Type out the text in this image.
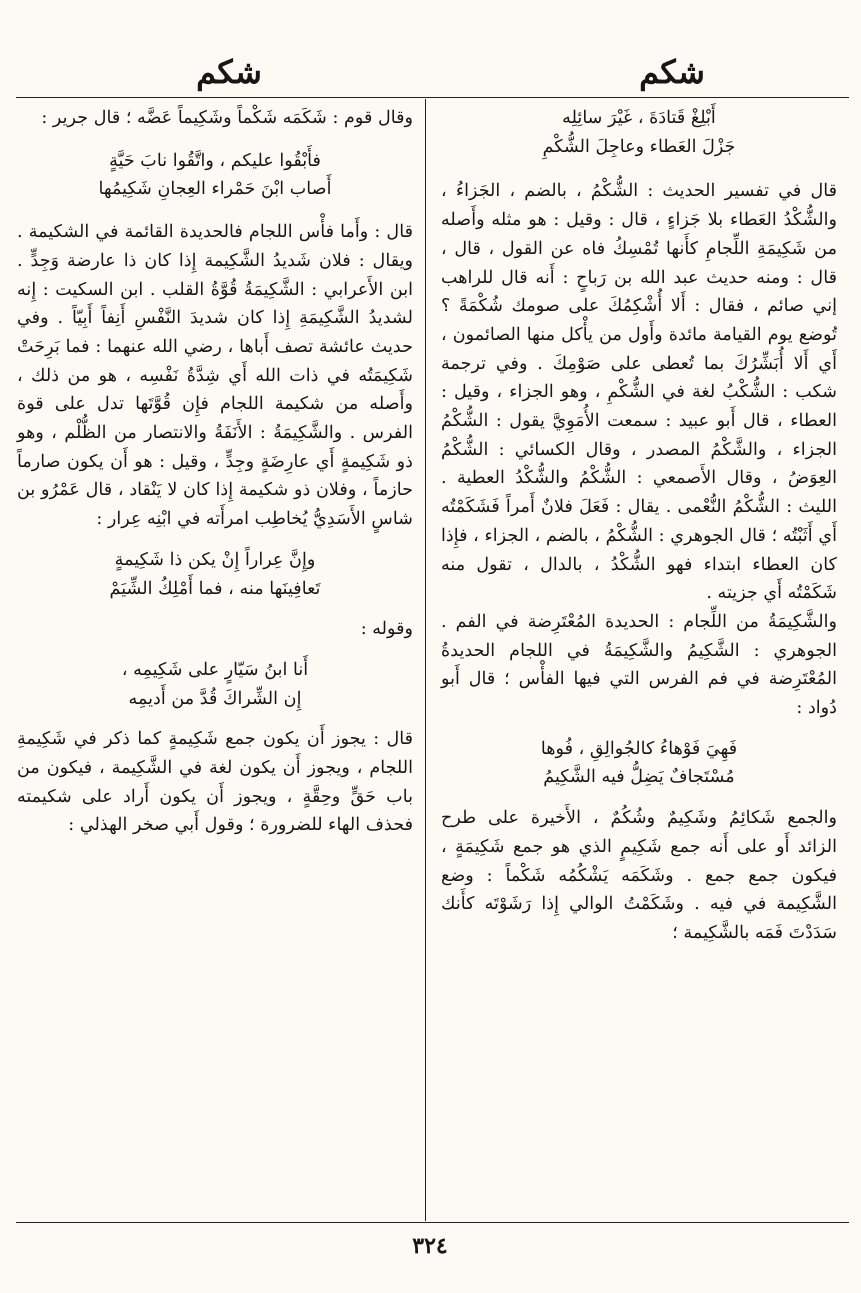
شكم
شكم
أَبْلِغْ قَتادَةَ ، غَيْرَ سائِلِه
جَزْلَ العَطاء وعاجِلَ الشُّكْمِ

قال في تفسير الحديث : الشُّكْمُ ، بالضم ، الجَزاءُ ، والشُّكْدُ العَطاء بلا جَزاءٍ ، قال : وقيل : هو مثله وأَصله من شَكِيمَةِ اللِّجامِ كأَنها تُمْسِكُ فاه عن القول ، قال ، قال : ومنه حديث عبد الله بن رَباحٍ : أَنه قال للراهب إني صائم ، فقال : أَلا أُشْكِمُكَ على صومك شُكْمَةً ؟ تُوضع يوم القيامة مائدة وأَول من يأْكل منها الصائمون ، أَي أَلا أُبَشِّرُكَ بما تُعطى على صَوْمِكَ . وفي ترجمة شكب : الشُّكْبُ لغة في الشُّكْمِ ، وهو الجزاء ، وقيل : العطاء ، قال أَبو عبيد : سمعت الأُمَوِيَّ يقول : الشُّكْمُ الجزاء ، والشَّكْمُ المصدر ، وقال الكسائي : الشُّكْمُ العِوَضُ ، وقال الأَصمعي : الشُّكْمُ والشُّكْدُ العطية . الليث : الشُّكْمُ النُّعْمى . يقال : فَعَلَ فلانٌ أَمراً فَشَكَمْتُه أَي أَثَبْتُه ؛ قال الجوهري : الشُّكْمُ ، بالضم ، الجزاء ، فإِذا كان العطاء ابتداء فهو الشُّكْدُ ، بالدال ، تقول منه شَكَمْتُه أَي جزيته .

والشَّكِيمَةُ من اللِّجام : الحديدة المُعْتَرِضة في الفم . الجوهري : الشَّكِيمُ والشَّكِيمَةُ في اللجام الحديدةُ المُعْتَرِضة في فم الفرس التي فيها الفأْس ؛ قال أَبو دُواد :

فَهِيَ فَوْهاءُ كالجُوالِقِ ، فُوها
مُسْتَجافٌ يَضِلُّ فيه الشَّكِيمُ

والجمع شَكائِمُ وشَكِيمٌ وشُكُمٌ ، الأَخيرة على طرح الزائد أَو على أَنه جمع شَكِيمٍ الذي هو جمع شَكِيمَةٍ ، فيكون جمع جمع . وشَكَمَه يَشْكُمُه شَكْماً : وضع الشَّكِيمة في فيه . وشَكَمْتُ الوالي إِذا رَشَوْتَه كأَنك سَدَدْتَ فَمَه بالشَّكِيمة ؛

وقال قوم : شَكَمَه شَكْماً وشَكِيماً عَضَّه ؛ قال جرير :

فأَبْقُوا عليكم ، واتَّقُوا نابَ حَيَّةٍ
أَصاب ابْنَ حَمْراء العِجانِ شَكِيمُها

قال : وأَما فأْس اللجام فالحديدة القائمة في الشكيمة . ويقال : فلان شَديدُ الشَّكِيمة إِذا كان ذا عارضة وَجِدٍّ . ابن الأَعرابي : الشَّكِيمَةُ قُوَّةُ القلب . ابن السكيت : إِنه لشديدُ الشَّكِيمَةِ إِذا كان شديدَ النَّفْسِ أَنِفاً أَبِيّاً . وفي حديث عائشة تصف أَباها ، رضي الله عنهما : فما بَرِحَتْ شَكِيمَتُه في ذات الله أَي شِدَّةُ نَفْسِه ، هو من ذلك ، وأَصله من شكيمة اللجام فإِن قُوَّتَها تدل على قوة الفرس . والشَّكِيمَةُ : الأَنَفَةُ والانتصار من الظُّلْم ، وهو ذو شَكِيمةٍ أَي عارِضَةٍ وجِدٍّ ، وقيل : هو أَن يكون صارماً حازماً ، وفلان ذو شكيمة إِذا كان لا يَنْقاد ، قال عَمْرُو بن شاسٍ الأَسَدِيُّ يُخاطِب امرأَته في ابْنِه عِرار :

وإِنَّ عِراراً إِنْ يكن ذا شَكِيمةٍ
تَعافِينَها منه ، فما أَمْلِكُ الشِّيَمْ

وقوله :

أَنا ابنُ سَيّارٍ على شَكِيمِه ،
إِن الشِّراكَ قُدَّ من أَديمِه

قال : يجوز أَن يكون جمع شَكِيمةٍ كما ذكر في شَكِيمةِ اللجام ، ويجوز أَن يكون لغة في الشَّكِيمة ، فيكون من باب حَقٍّ وحِقَّةٍ ، ويجوز أَن يكون أَراد على شكيمته فحذف الهاء للضرورة ؛ وقول أَبي صخر الهذلي :

٣٢٤
